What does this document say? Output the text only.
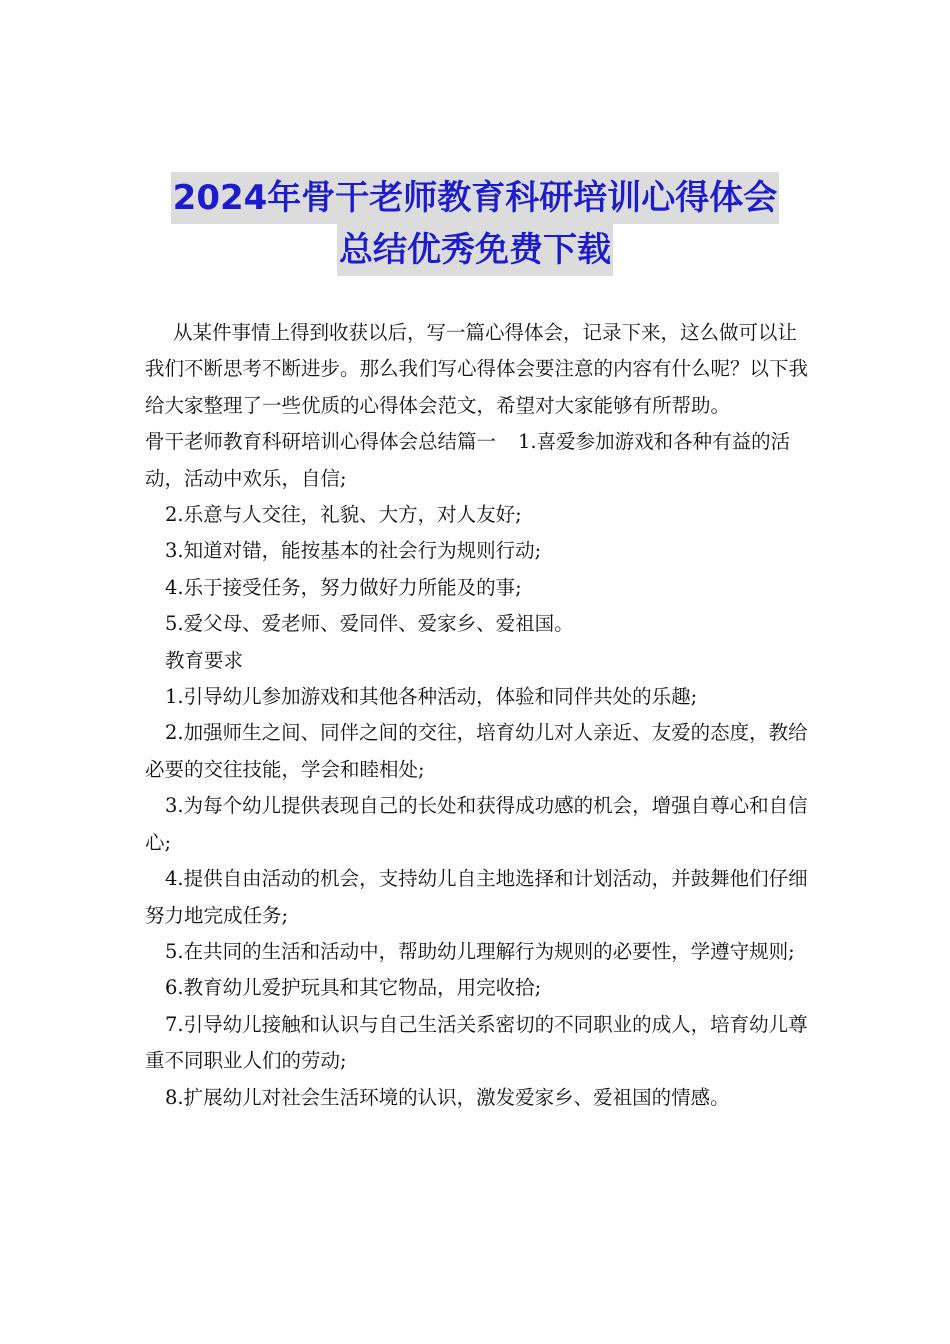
2024年骨干老师教育科研培训心得体会
总结优秀免费下载

从某件事情上得到收获以后，写一篇心得体会，记录下来，这么做可以让我们不断思考不断进步。那么我们写心得体会要注意的内容有什么呢？以下我给大家整理了一些优质的心得体会范文，希望对大家能够有所帮助。

骨干老师教育科研培训心得体会总结篇一 1.喜爱参加游戏和各种有益的活动，活动中欢乐，自信;

2.乐意与人交往，礼貌、大方，对人友好;

3.知道对错，能按基本的社会行为规则行动;

4.乐于接受任务，努力做好力所能及的事;

5.爱父母、爱老师、爱同伴、爱家乡、爱祖国。

教育要求

1.引导幼儿参加游戏和其他各种活动，体验和同伴共处的乐趣;

2.加强师生之间、同伴之间的交往，培育幼儿对人亲近、友爱的态度，教给必要的交往技能，学会和睦相处;

3.为每个幼儿提供表现自己的长处和获得成功感的机会，增强自尊心和自信心;

4.提供自由活动的机会，支持幼儿自主地选择和计划活动，并鼓舞他们仔细努力地完成任务;

5.在共同的生活和活动中，帮助幼儿理解行为规则的必要性，学遵守规则;

6.教育幼儿爱护玩具和其它物品，用完收拾;

7.引导幼儿接触和认识与自己生活关系密切的不同职业的成人，培育幼儿尊重不同职业人们的劳动;

8.扩展幼儿对社会生活环境的认识，激发爱家乡、爱祖国的情感。
